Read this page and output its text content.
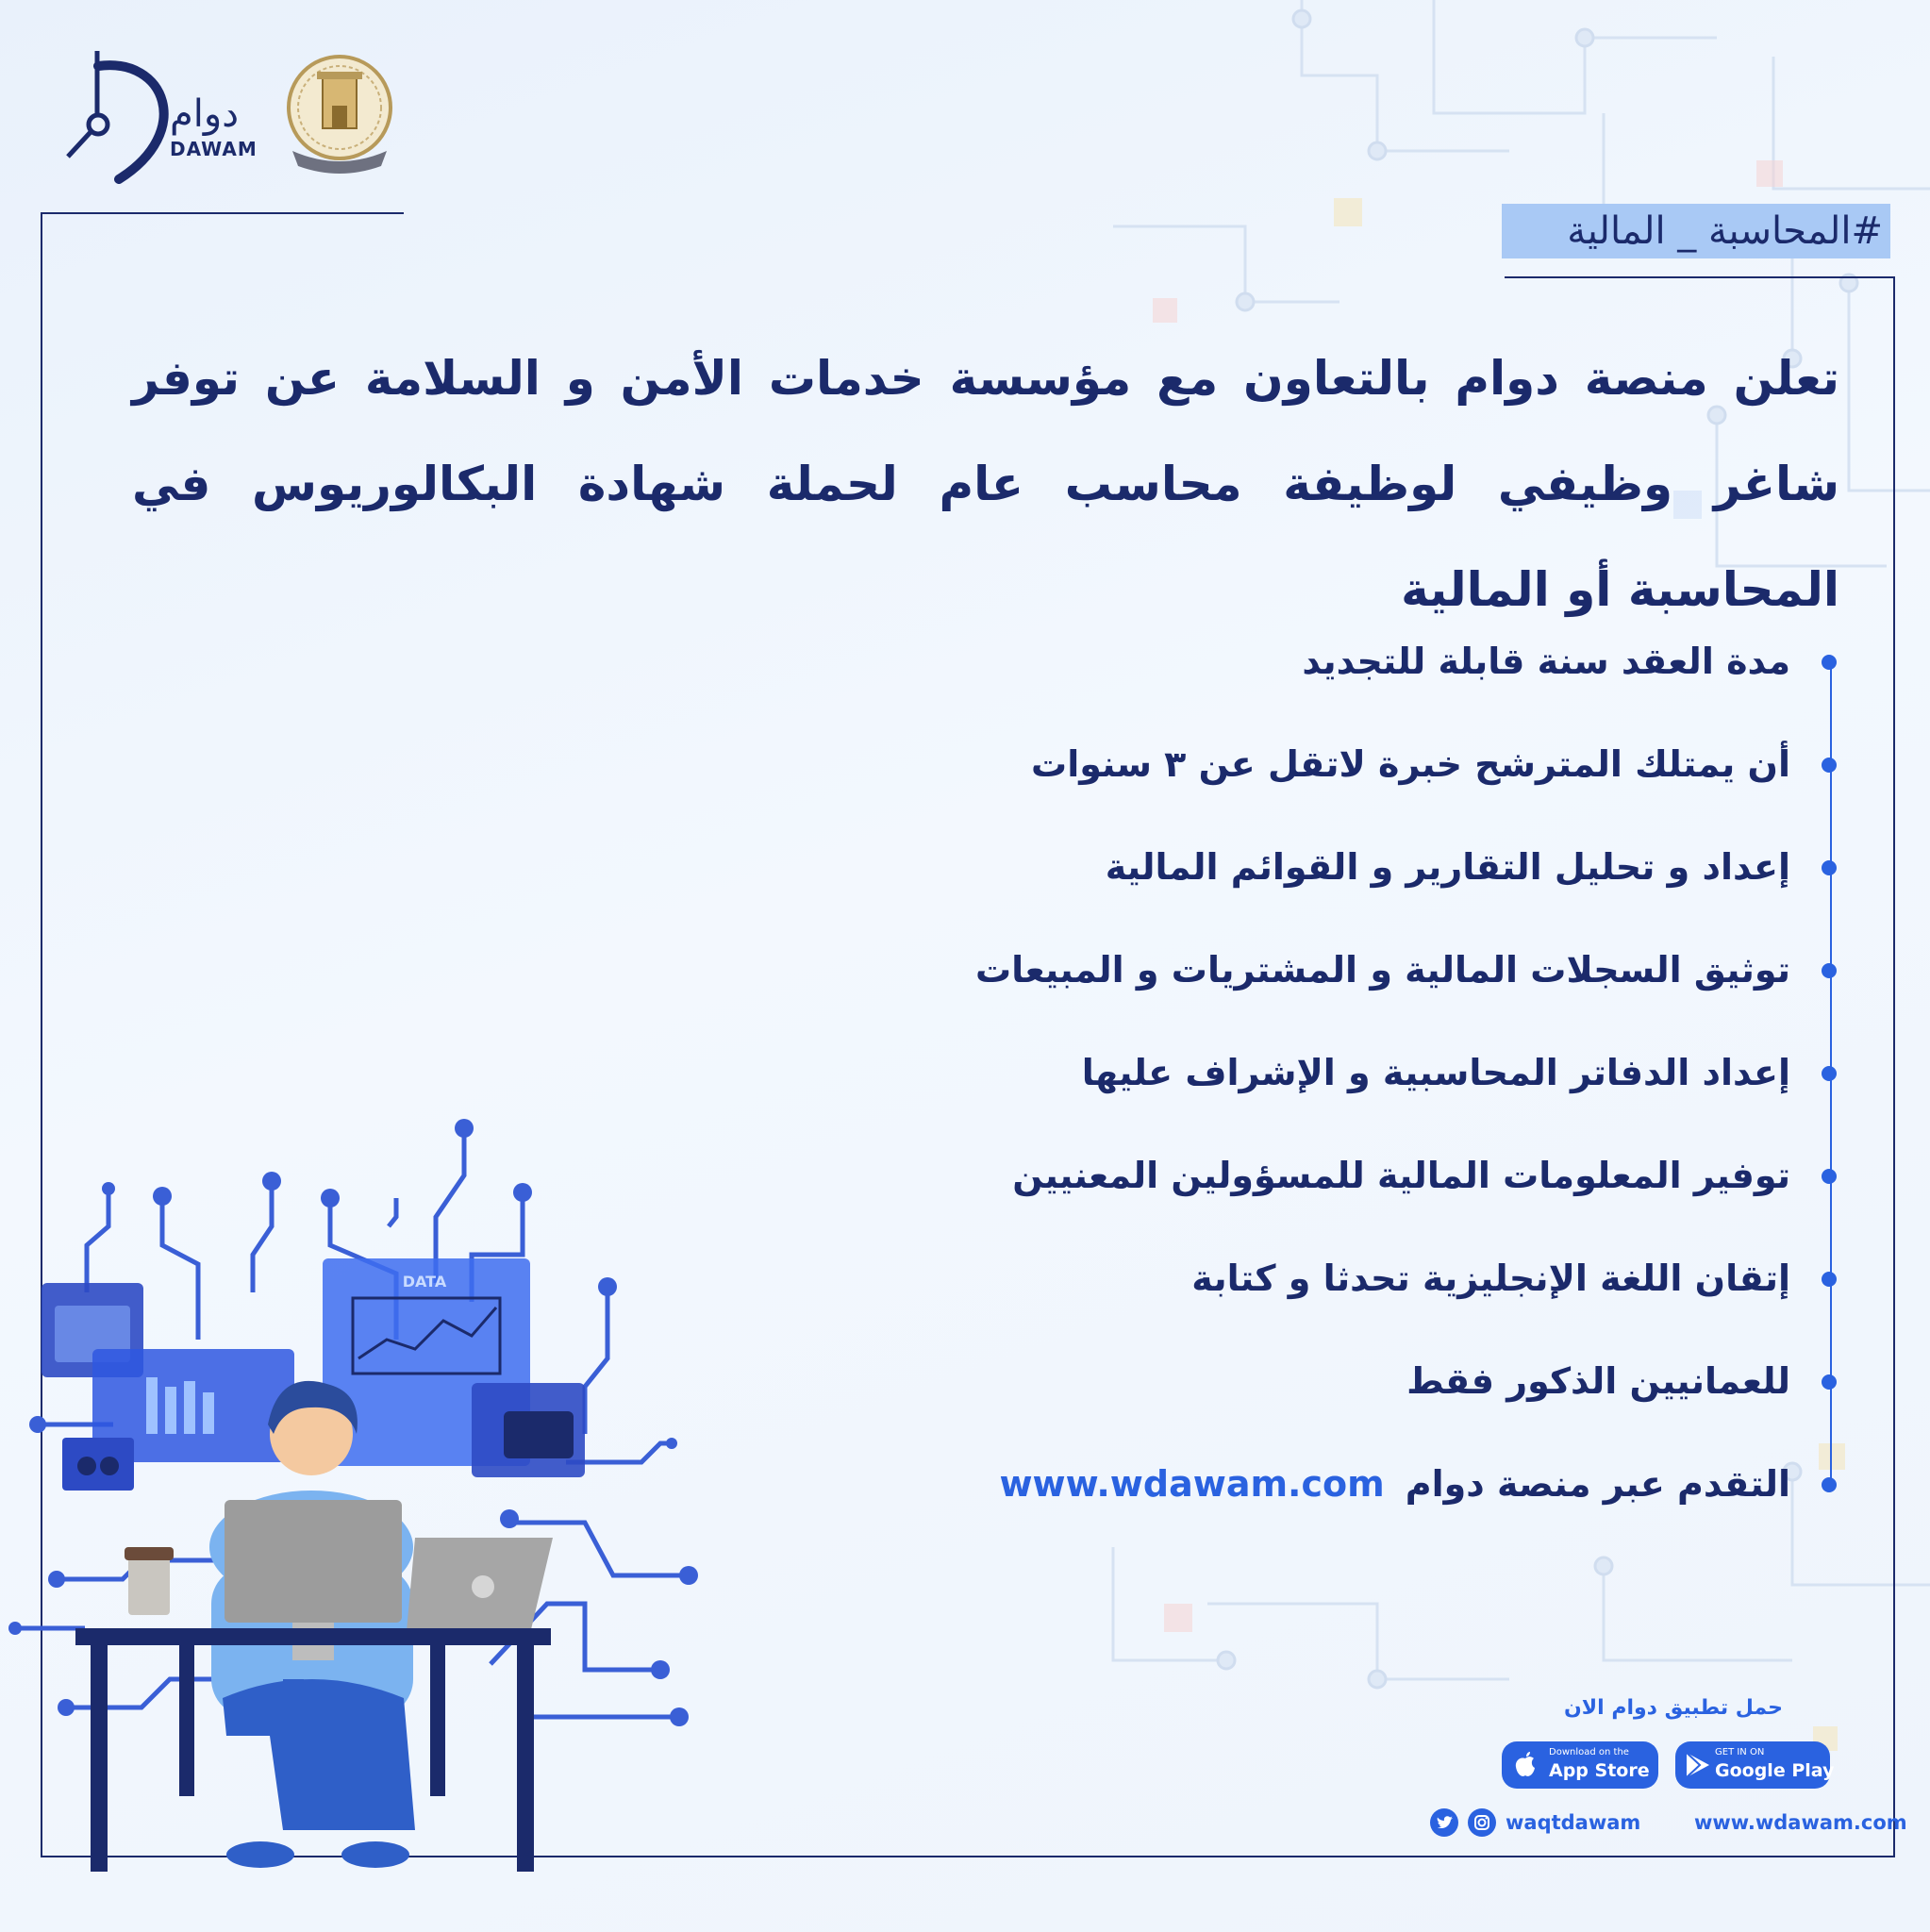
دوام
DAWAM
#المحاسبة _ المالية
تعلن منصة دوام بالتعاون مع مؤسسة خدمات الأمن و السلامة عن توفر شاغر وظيفي لوظيفة محاسب عام لحملة شهادة البكالوريوس في المحاسبة أو المالية
مدة العقد سنة قابلة للتجديد
أن يمتلك المترشح خبرة لاتقل عن ٣ سنوات
إعداد و تحليل التقارير و القوائم المالية
توثيق السجلات المالية و المشتريات و المبيعات
إعداد الدفاتر المحاسبية و الإشراف عليها
توفير المعلومات المالية للمسؤولين المعنيين
إتقان اللغة الإنجليزية تحدثا و كتابة
للعمانيين الذكور فقط
التقدم عبر منصة دوامwww.wdawam.com
DATA
حمل تطبيق دوام الان
Download on the
App Store
GET IN ON
Google Play
waqtdawam	www.wdawam.com
